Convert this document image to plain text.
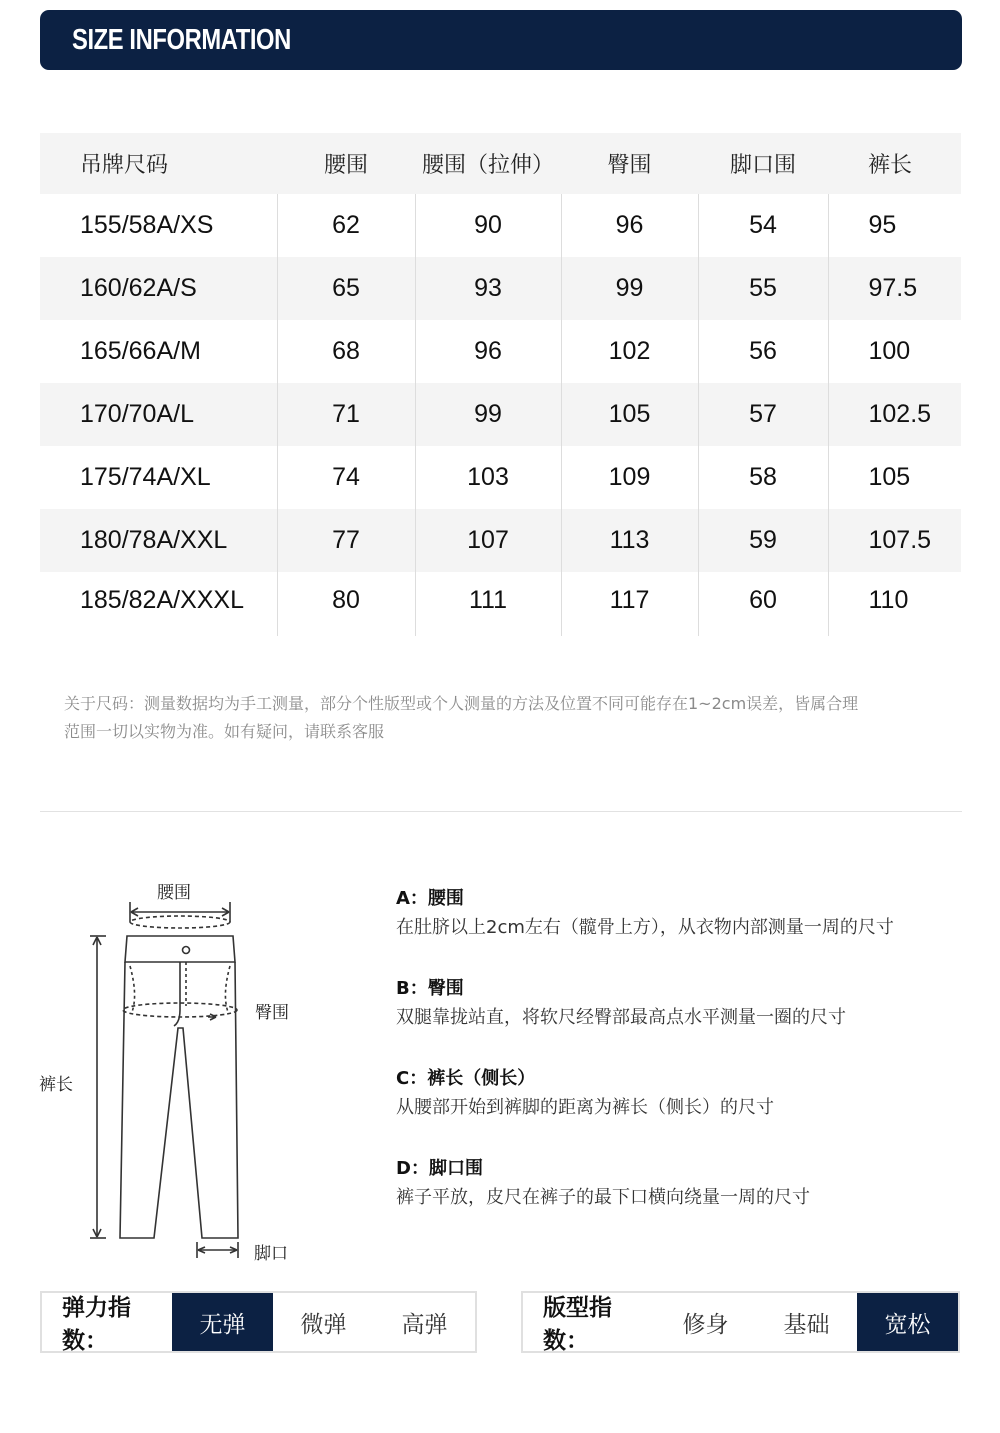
SIZE INFORMATION
吊牌尺码	腰围	腰围（拉伸）	臀围	脚口围	裤长
155/58A/XS	62	90	96	54	95
160/62A/S	65	93	99	55	97.5
165/66A/M	68	96	102	56	100
170/70A/L	71	99	105	57	102.5
175/74A/XL	74	103	109	58	105
180/78A/XXL	77	107	113	59	107.5
185/82A/XXXL	80	111	117	60	110
关于尺码：测量数据均为手工测量，部分个性版型或个人测量的方法及位置不同可能存在1~2cm误差，皆属合理
范围一切以实物为准。如有疑问，请联系客服
腰围
臀围
裤长
脚口
A：腰围
在肚脐以上2cm左右（髋骨上方），从衣物内部测量一周的尺寸
B：臀围
双腿靠拢站直，将软尺经臀部最高点水平测量一圈的尺寸
C：裤长（侧长）
从腰部开始到裤脚的距离为裤长（侧长）的尺寸
D：脚口围
裤子平放，皮尺在裤子的最下口横向绕量一周的尺寸
弹力指数：
无弹	微弹	高弹
版型指数：
修身	基础	宽松
